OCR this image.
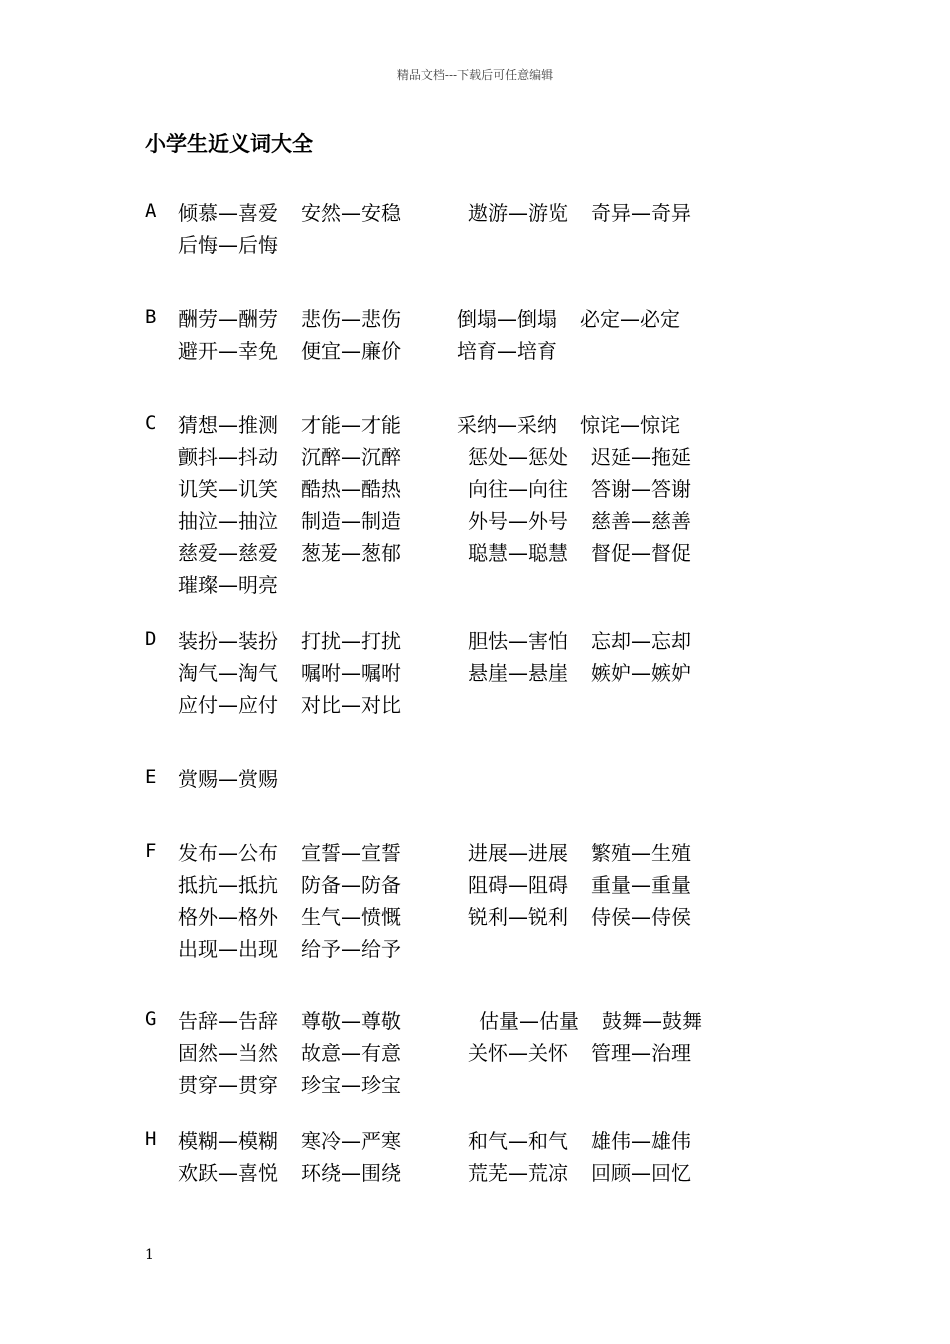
精品文档---下载后可任意编辑
小学生近义词大全
A 倾慕—喜爱 安然—安稳	遨游—游览 奇异—奇异
后悔—后悔
B 酬劳—酬劳 悲伤—悲伤	倒塌—倒塌 必定—必定
避开—幸免 便宜—廉价	培育—培育
C 猜想—推测 才能—才能	采纳—采纳 惊诧—惊诧
颤抖—抖动 沉醉—沉醉	惩处—惩处 迟延—拖延
讥笑—讥笑 酷热—酷热	向往—向往 答谢—答谢
抽泣—抽泣 制造—制造	外号—外号 慈善—慈善
慈爱—慈爱 葱茏—葱郁	聪慧—聪慧 督促—督促
璀璨—明亮
D 装扮—装扮 打扰—打扰	胆怯—害怕 忘却—忘却
淘气—淘气 嘱咐—嘱咐	悬崖—悬崖 嫉妒—嫉妒
应付—应付 对比—对比
E 赏赐—赏赐
F 发布—公布 宣誓—宣誓	进展—进展 繁殖—生殖
抵抗—抵抗 防备—防备	阻碍—阻碍 重量—重量
格外—格外 生气—愤慨	锐利—锐利 侍侯—侍侯
出现—出现 给予—给予
G 告辞—告辞 尊敬—尊敬	估量—估量 鼓舞—鼓舞
固然—当然 故意—有意	关怀—关怀 管理—治理
贯穿—贯穿 珍宝—珍宝
H 模糊—模糊 寒冷—严寒	和气—和气 雄伟—雄伟
欢跃—喜悦 环绕—围绕	荒芜—荒凉 回顾—回忆
1
